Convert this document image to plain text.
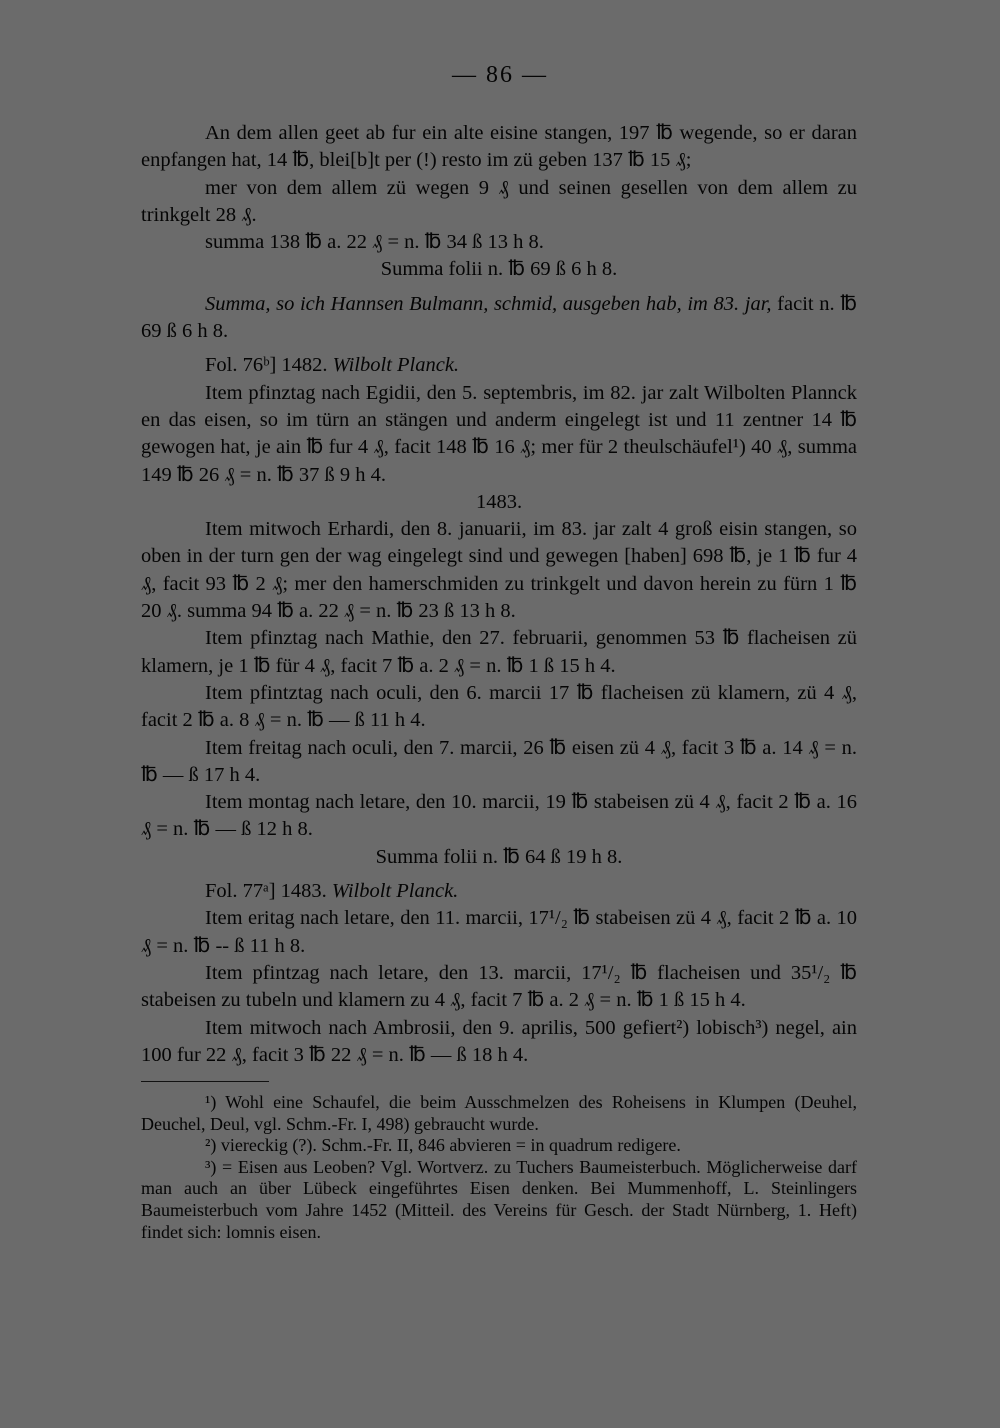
— 86 —

An dem allen geet ab fur ein alte eisine stangen, 197 ℔ wegende, so er daran enpfangen hat, 14 ℔, blei[b]t per (!) resto im zü geben 137 ℔ 15 ₰;

mer von dem allem zü wegen 9 ₰ und seinen gesellen von dem allem zu trinkgelt 28 ₰.

summa 138 ℔ a. 22 ₰ = n. ℔ 34 ß 13 h 8.

Summa folii n. ℔ 69 ß 6 h 8.

Summa, so ich Hannsen Bulmann, schmid, ausgeben hab, im 83. jar, facit n. ℔ 69 ß 6 h 8.

Fol. 76ᵇ] 1482. Wilbolt Planck.

Item pfinztag nach Egidii, den 5. septembris, im 82. jar zalt Wilbolten Plannck en das eisen, so im türn an stängen und anderm eingelegt ist und 11 zentner 14 ℔ gewogen hat, je ain ℔ fur 4 ₰, facit 148 ℔ 16 ₰; mer für 2 theulschäufel¹) 40 ₰, summa 149 ℔ 26 ₰ = n. ℔ 37 ß 9 h 4.

1483.

Item mitwoch Erhardi, den 8. januarii, im 83. jar zalt 4 groß eisin stangen, so oben in der turn gen der wag eingelegt sind und gewegen [haben] 698 ℔, je 1 ℔ fur 4 ₰, facit 93 ℔ 2 ₰; mer den hamerschmiden zu trinkgelt und davon herein zu fürn 1 ℔ 20 ₰. summa 94 ℔ a. 22 ₰ = n. ℔ 23 ß 13 h 8.

Item pfinztag nach Mathie, den 27. februarii, genommen 53 ℔ flacheisen zü klamern, je 1 ℔ für 4 ₰, facit 7 ℔ a. 2 ₰ = n. ℔ 1 ß 15 h 4.

Item pfintztag nach oculi, den 6. marcii 17 ℔ flacheisen zü klamern, zü 4 ₰, facit 2 ℔ a. 8 ₰ = n. ℔ — ß 11 h 4.

Item freitag nach oculi, den 7. marcii, 26 ℔ eisen zü 4 ₰, facit 3 ℔ a. 14 ₰ = n. ℔ — ß 17 h 4.

Item montag nach letare, den 10. marcii, 19 ℔ stabeisen zü 4 ₰, facit 2 ℔ a. 16 ₰ = n. ℔ — ß 12 h 8.

Summa folii n. ℔ 64 ß 19 h 8.

Fol. 77ᵃ] 1483. Wilbolt Planck.

Item eritag nach letare, den 11. marcii, 17¹/₂ ℔ stabeisen zü 4 ₰, facit 2 ℔ a. 10 ₰ = n. ℔ -- ß 11 h 8.

Item pfintzag nach letare, den 13. marcii, 17¹/₂ ℔ flacheisen und 35¹/₂ ℔ stabeisen zu tubeln und klamern zu 4 ₰, facit 7 ℔ a. 2 ₰ = n. ℔ 1 ß 15 h 4.

Item mitwoch nach Ambrosii, den 9. aprilis, 500 gefiert²) lobisch³) negel, ain 100 fur 22 ₰, facit 3 ℔ 22 ₰ = n. ℔ — ß 18 h 4.

¹) Wohl eine Schaufel, die beim Ausschmelzen des Roheisens in Klumpen (Deuhel, Deuchel, Deul, vgl. Schm.-Fr. I, 498) gebraucht wurde.

²) viereckig (?). Schm.-Fr. II, 846 abvieren = in quadrum redigere.

³) = Eisen aus Leoben? Vgl. Wortverz. zu Tuchers Baumeisterbuch. Möglicherweise darf man auch an über Lübeck eingeführtes Eisen denken. Bei Mummenhoff, L. Steinlingers Baumeisterbuch vom Jahre 1452 (Mitteil. des Vereins für Gesch. der Stadt Nürnberg, 1. Heft) findet sich: lomnis eisen.
